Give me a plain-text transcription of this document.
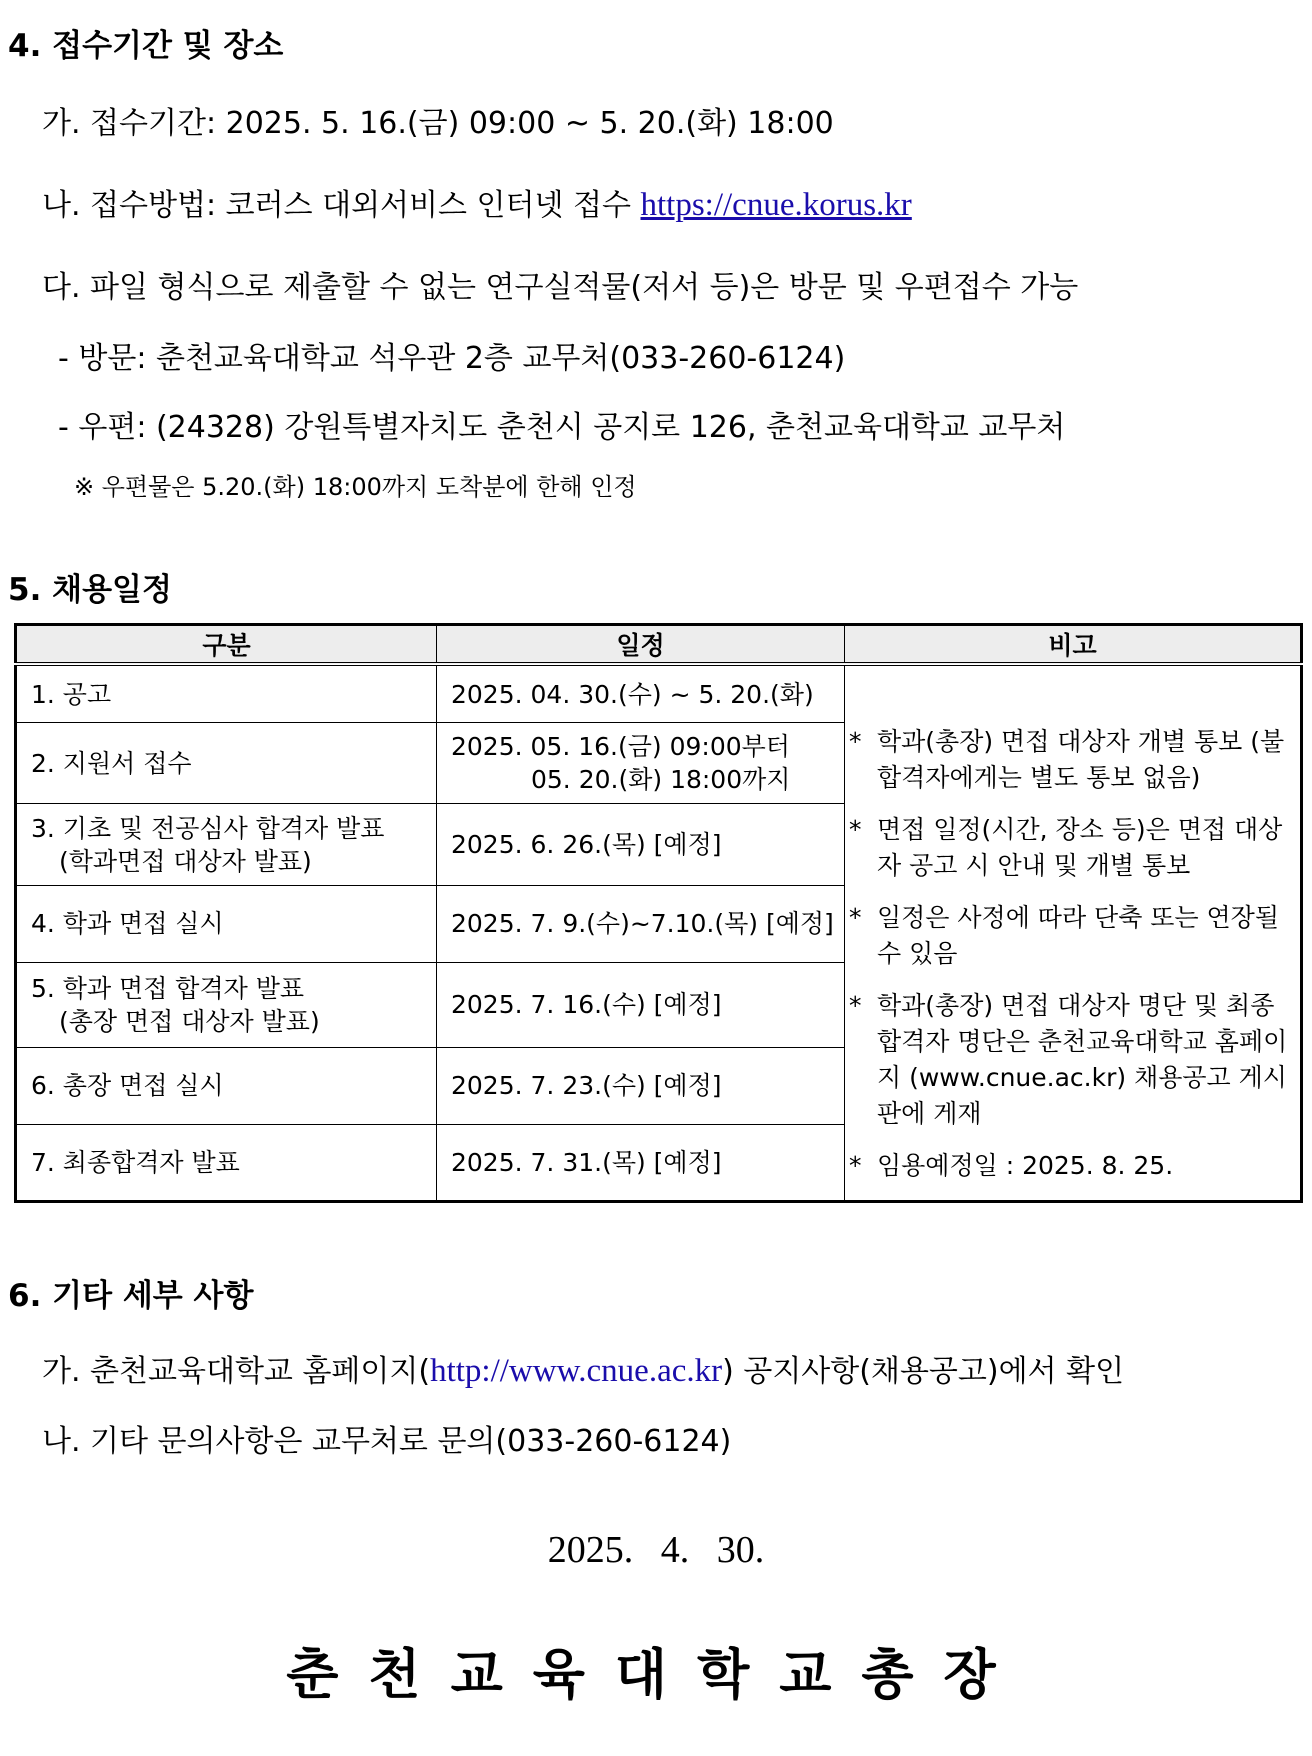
4. 접수기간 및 장소

가. 접수기간: 2025. 5. 16.(금) 09:00 ~ 5. 20.(화) 18:00

나. 접수방법: 코러스 대외서비스 인터넷 접수 https://cnue.korus.kr

다. 파일 형식으로 제출할 수 없는 연구실적물(저서 등)은 방문 및 우편접수 가능

- 방문: 춘천교육대학교 석우관 2층 교무처(033-260-6124)

- 우편: (24328) 강원특별자치도 춘천시 공지로 126, 춘천교육대학교 교무처

※ 우편물은 5.20.(화) 18:00까지 도착분에 한해 인정

5. 채용일정
구분	일정	비고
1. 공고	2025. 04. 30.(수) ~ 5. 20.(화)	* 학과(총장) 면접 대상자 개별 통보 (불합격자에게는 별도 통보 없음)
* 면접 일정(시간, 장소 등)은 면접 대상자 공고 시 안내 및 개별 통보
* 일정은 사정에 따라 단축 또는 연장될 수 있음
* 학과(총장) 면접 대상자 명단 및 최종 합격자 명단은 춘천교육대학교 홈페이지 (www.cnue.ac.kr) 채용공고 게시판에 게재
* 임용예정일 : 2025. 8. 25.

2. 지원서 접수	2025. 05. 16.(금) 09:00부터
05. 20.(화) 18:00까지	

3. 기초 및 전공심사 합격자 발표
(학과면접 대상자 발표)	2025. 6. 26.(목) [예정]	
4. 학과 면접 실시	2025. 7. 9.(수)~7.10.(목) [예정]	
5. 학과 면접 합격자 발표
(총장 면접 대상자 발표)	2025. 7. 16.(수) [예정]	
6. 총장 면접 실시	2025. 7. 23.(수) [예정]	
7. 최종합격자 발표	2025. 7. 31.(목) [예정]	
6. 기타 세부 사항

가. 춘천교육대학교 홈페이지(http://www.cnue.ac.kr) 공지사항(채용공고)에서 확인

나. 기타 문의사항은 교무처로 문의(033-260-6124)

2025. 4. 30.

춘천교육대학교총장
